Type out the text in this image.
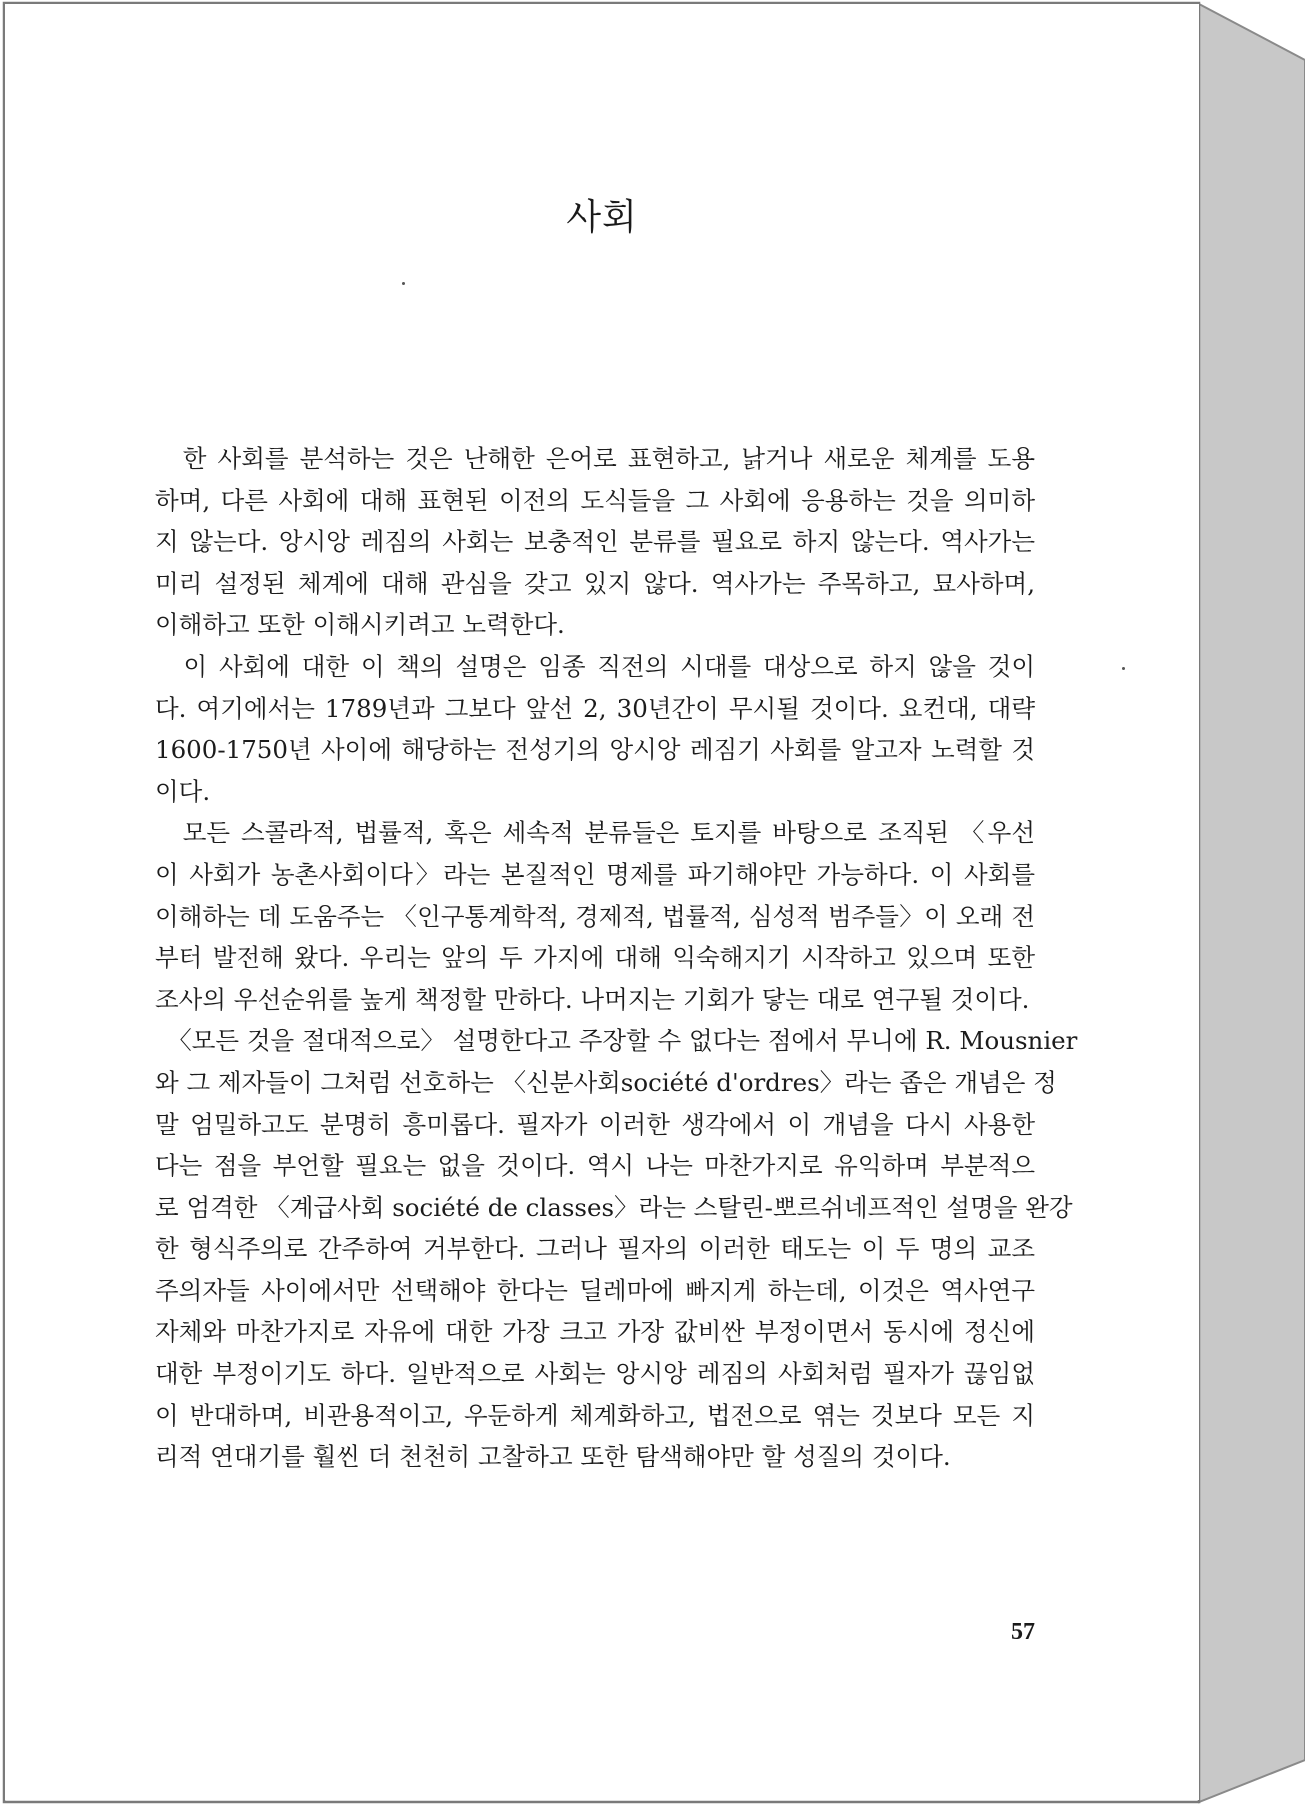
사회
　한 사회를 분석하는 것은 난해한 은어로 표현하고, 낡거나 새로운 체계를 도용
하며, 다른 사회에 대해 표현된 이전의 도식들을 그 사회에 응용하는 것을 의미하
지 않는다. 앙시앙 레짐의 사회는 보충적인 분류를 필요로 하지 않는다. 역사가는
미리 설정된 체계에 대해 관심을 갖고 있지 않다. 역사가는 주목하고, 묘사하며,
이해하고 또한 이해시키려고 노력한다.
　이 사회에 대한 이 책의 설명은 임종 직전의 시대를 대상으로 하지 않을 것이
다. 여기에서는 1789년과 그보다 앞선 2, 30년간이 무시될 것이다. 요컨대, 대략
1600-1750년 사이에 해당하는 전성기의 앙시앙 레짐기 사회를 알고자 노력할 것
이다.
　모든 스콜라적, 법률적, 혹은 세속적 분류들은 토지를 바탕으로 조직된 〈우선
이 사회가 농촌사회이다〉라는 본질적인 명제를 파기해야만 가능하다. 이 사회를
이해하는 데 도움주는 〈인구통계학적, 경제적, 법률적, 심성적 범주들〉이 오래 전
부터 발전해 왔다. 우리는 앞의 두 가지에 대해 익숙해지기 시작하고 있으며 또한
조사의 우선순위를 높게 책정할 만하다. 나머지는 기회가 닿는 대로 연구될 것이다.
　〈모든 것을 절대적으로〉 설명한다고 주장할 수 없다는 점에서 무니에 R. Mousnier
와 그 제자들이 그처럼 선호하는 〈신분사회société d'ordres〉라는 좁은 개념은 정
말 엄밀하고도 분명히 흥미롭다. 필자가 이러한 생각에서 이 개념을 다시 사용한
다는 점을 부언할 필요는 없을 것이다. 역시 나는 마찬가지로 유익하며 부분적으
로 엄격한 〈계급사회 société de classes〉라는 스탈린-뽀르쉬네프적인 설명을 완강
한 형식주의로 간주하여 거부한다. 그러나 필자의 이러한 태도는 이 두 명의 교조
주의자들 사이에서만 선택해야 한다는 딜레마에 빠지게 하는데, 이것은 역사연구
자체와 마찬가지로 자유에 대한 가장 크고 가장 값비싼 부정이면서 동시에 정신에
대한 부정이기도 하다. 일반적으로 사회는 앙시앙 레짐의 사회처럼 필자가 끊임없
이 반대하며, 비관용적이고, 우둔하게 체계화하고, 법전으로 엮는 것보다 모든 지
리적 연대기를 훨씬 더 천천히 고찰하고 또한 탐색해야만 할 성질의 것이다.
57
